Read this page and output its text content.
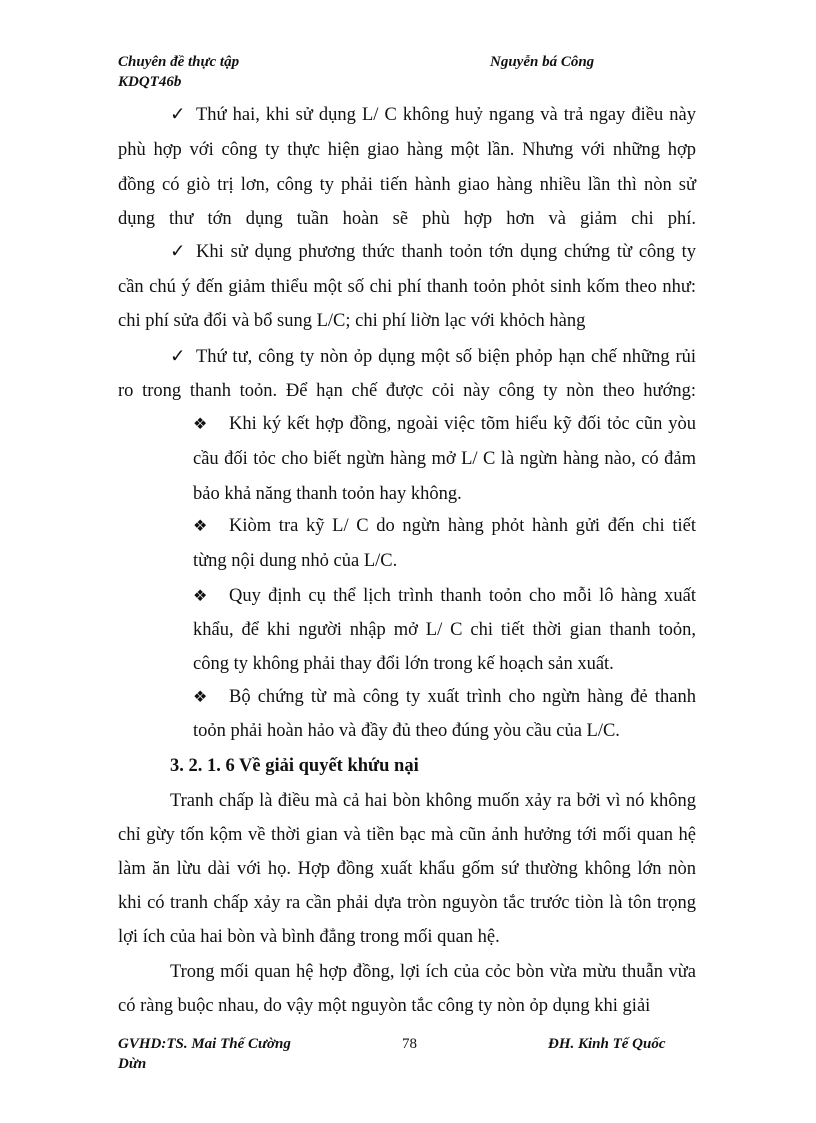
Chuyên đề thực tập
KDQT46b
Nguyễn bá Công
✓ Thứ hai, khi sử dụng L/ C không huỷ ngang và trả ngay điều này
phù hợp với công ty thực hiện giao hàng một lần. Nhưng với những hợp
đồng có giò trị lơn, công ty phải tiến hành giao hàng nhiều lần thì nòn sử
dụng thư tớn dụng tuần hoàn sẽ phù hợp hơn và giảm chi phí.
✓ Khi sử dụng phương thức thanh toỏn tớn dụng chứng từ công ty
cần chú ý đến giảm thiểu một số chi phí thanh toỏn phỏt sinh kốm theo như:
chi phí sửa đổi và bổ sung L/C; chi phí liờn lạc với khỏch hàng
✓ Thứ tư, công ty nòn ỏp dụng một số biện phỏp hạn chế những rủi
ro trong thanh toỏn. Để hạn chế được cỏi này công ty nòn theo hướng:
❖ Khi ký kết hợp đồng, ngoài việc tõm hiểu kỹ đối tỏc cũn yòu
cầu đối tỏc cho biết ngừn hàng mở L/ C là ngừn hàng nào, có đảm
bảo khả năng thanh toỏn hay không.
❖ Kiòm tra kỹ L/ C do ngừn hàng phỏt hành gửi đến chi tiết
từng nội dung nhỏ của L/C.
❖ Quy định cụ thể lịch trình thanh toỏn cho mỗi lô hàng xuất
khẩu, để khi người nhập mở L/ C chi tiết thời gian thanh toỏn,
công ty không phải thay đổi lớn trong kế hoạch sản xuất.
❖ Bộ chứng từ mà công ty xuất trình cho ngừn hàng đẻ thanh
toỏn phải hoàn hảo và đầy đủ theo đúng yòu cầu của L/C.
3. 2. 1. 6 Về giải quyết khứu nại
Tranh chấp là điều mà cả hai bòn không muốn xảy ra bởi vì nó không
chỉ gừy tốn kộm về thời gian và tiền bạc mà cũn ảnh hưởng tới mối quan hệ
làm ăn lừu dài với họ. Hợp đồng xuất khẩu gốm sứ thường không lớn nòn
khi có tranh chấp xảy ra cần phải dựa tròn nguyòn tắc trước tiòn là tôn trọng
lợi ích của hai bòn và bình đẳng trong mối quan hệ.
Trong mối quan hệ hợp đồng, lợi ích của cỏc bòn vừa mừu thuẫn vừa
có ràng buộc nhau, do vậy một nguyòn tắc công ty nòn ỏp dụng khi giải
GVHD:TS. Mai Thế Cường
Dừn
78	ĐH. Kinh Tế Quốc
